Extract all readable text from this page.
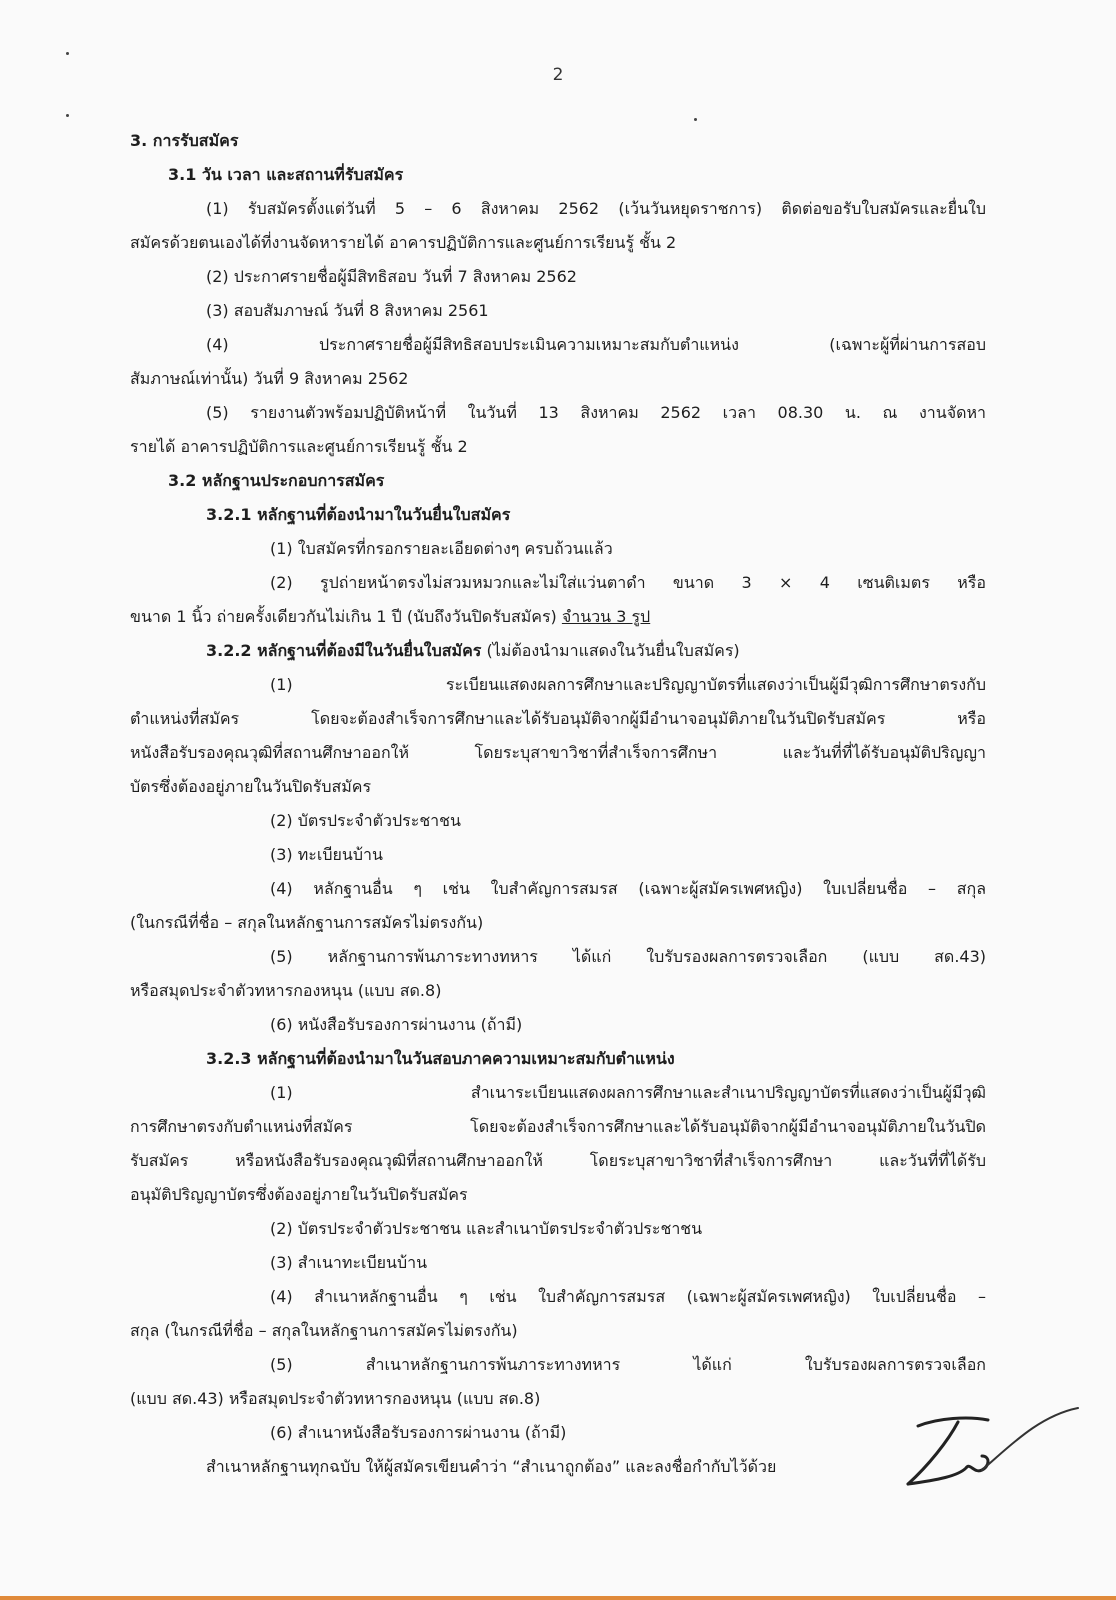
2
3. การรับสมัคร
3.1 วัน เวลา และสถานที่รับสมัคร
(1) รับสมัครตั้งแต่วันที่ 5 – 6 สิงหาคม 2562 (เว้นวันหยุดราชการ) ติดต่อขอรับใบสมัครและยื่นใบ
สมัครด้วยตนเองได้ที่งานจัดหารายได้ อาคารปฏิบัติการและศูนย์การเรียนรู้ ชั้น 2
(2) ประกาศรายชื่อผู้มีสิทธิสอบ วันที่ 7 สิงหาคม 2562
(3) สอบสัมภาษณ์ วันที่ 8 สิงหาคม 2561
(4) ประกาศรายชื่อผู้มีสิทธิสอบประเมินความเหมาะสมกับตำแหน่ง (เฉพาะผู้ที่ผ่านการสอบ
สัมภาษณ์เท่านั้น) วันที่ 9 สิงหาคม 2562
(5) รายงานตัวพร้อมปฏิบัติหน้าที่ ในวันที่ 13 สิงหาคม 2562 เวลา 08.30 น. ณ งานจัดหา
รายได้ อาคารปฏิบัติการและศูนย์การเรียนรู้ ชั้น 2
3.2 หลักฐานประกอบการสมัคร
3.2.1 หลักฐานที่ต้องนำมาในวันยื่นใบสมัคร
(1) ใบสมัครที่กรอกรายละเอียดต่างๆ ครบถ้วนแล้ว
(2) รูปถ่ายหน้าตรงไม่สวมหมวกและไม่ใส่แว่นตาดำ ขนาด 3 × 4 เซนติเมตร หรือ
ขนาด 1 นิ้ว ถ่ายครั้งเดียวกันไม่เกิน 1 ปี (นับถึงวันปิดรับสมัคร) จำนวน 3 รูป
3.2.2 หลักฐานที่ต้องมีในวันยื่นใบสมัคร (ไม่ต้องนำมาแสดงในวันยื่นใบสมัคร)
(1) ระเบียนแสดงผลการศึกษาและปริญญาบัตรที่แสดงว่าเป็นผู้มีวุฒิการศึกษาตรงกับ
ตำแหน่งที่สมัคร โดยจะต้องสำเร็จการศึกษาและได้รับอนุมัติจากผู้มีอำนาจอนุมัติภายในวันปิดรับสมัคร หรือ
หนังสือรับรองคุณวุฒิที่สถานศึกษาออกให้ โดยระบุสาขาวิชาที่สำเร็จการศึกษา และวันที่ที่ได้รับอนุมัติปริญญา
บัตรซึ่งต้องอยู่ภายในวันปิดรับสมัคร
(2) บัตรประจำตัวประชาชน
(3) ทะเบียนบ้าน
(4) หลักฐานอื่น ๆ เช่น ใบสำคัญการสมรส (เฉพาะผู้สมัครเพศหญิง) ใบเปลี่ยนชื่อ – สกุล
(ในกรณีที่ชื่อ – สกุลในหลักฐานการสมัครไม่ตรงกัน)
(5) หลักฐานการพ้นภาระทางทหาร ได้แก่ ใบรับรองผลการตรวจเลือก (แบบ สด.43)
หรือสมุดประจำตัวทหารกองหนุน (แบบ สด.8)
(6) หนังสือรับรองการผ่านงาน (ถ้ามี)
3.2.3 หลักฐานที่ต้องนำมาในวันสอบภาคความเหมาะสมกับตำแหน่ง
(1) สำเนาระเบียนแสดงผลการศึกษาและสำเนาปริญญาบัตรที่แสดงว่าเป็นผู้มีวุฒิ
การศึกษาตรงกับตำแหน่งที่สมัคร โดยจะต้องสำเร็จการศึกษาและได้รับอนุมัติจากผู้มีอำนาจอนุมัติภายในวันปิด
รับสมัคร หรือหนังสือรับรองคุณวุฒิที่สถานศึกษาออกให้ โดยระบุสาขาวิชาที่สำเร็จการศึกษา และวันที่ที่ได้รับ
อนุมัติปริญญาบัตรซึ่งต้องอยู่ภายในวันปิดรับสมัคร
(2) บัตรประจำตัวประชาชน และสำเนาบัตรประจำตัวประชาชน
(3) สำเนาทะเบียนบ้าน
(4) สำเนาหลักฐานอื่น ๆ เช่น ใบสำคัญการสมรส (เฉพาะผู้สมัครเพศหญิง) ใบเปลี่ยนชื่อ –
สกุล (ในกรณีที่ชื่อ – สกุลในหลักฐานการสมัครไม่ตรงกัน)
(5) สำเนาหลักฐานการพ้นภาระทางทหาร ได้แก่ ใบรับรองผลการตรวจเลือก
(แบบ สด.43) หรือสมุดประจำตัวทหารกองหนุน (แบบ สด.8)
(6) สำเนาหนังสือรับรองการผ่านงาน (ถ้ามี)
สำเนาหลักฐานทุกฉบับ ให้ผู้สมัครเขียนคำว่า “สำเนาถูกต้อง” และลงชื่อกำกับไว้ด้วย
